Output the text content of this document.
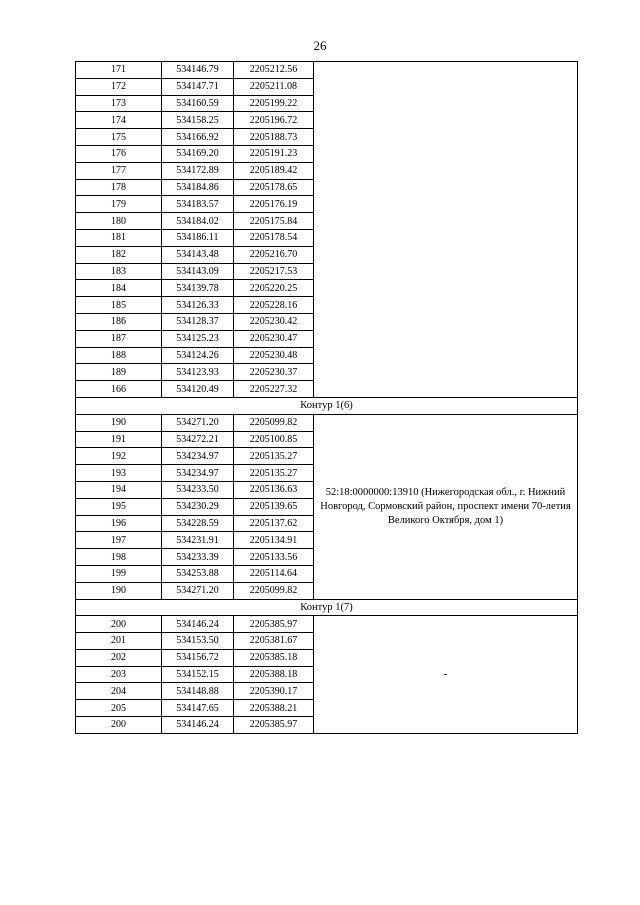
26
171	534146.79	2205212.56	
172	534147.71	2205211.08	
173	534160.59	2205199.22	
174	534158.25	2205196.72	
175	534166.92	2205188.73	
176	534169.20	2205191.23	
177	534172.89	2205189.42	
178	534184.86	2205178.65	
179	534183.57	2205176.19	
180	534184.02	2205175.84	
181	534186.11	2205178.54	
182	534143.48	2205216.70	
183	534143.09	2205217.53	
184	534139.78	2205220.25	
185	534126.33	2205228.16	
186	534128.37	2205230.42	
187	534125.23	2205230.47	
188	534124.26	2205230.48	
189	534123.93	2205230.37	
166	534120.49	2205227.32	
Контур 1(6)			
190	534271.20	2205099.82	52:18:0000000:13910 (Нижегородская обл., г. Нижний Новгород, Сормовский район, проспект имени 70-летия Великого Октября, дом 1)
191	534272.21	2205100.85	
192	534234.97	2205135.27	
193	534234.97	2205135.27	
194	534233.50	2205136.63	
195	534230.29	2205139.65	
196	534228.59	2205137.62	
197	534231.91	2205134.91	
198	534233.39	2205133.56	
199	534253.88	2205114.64	
190	534271.20	2205099.82	
Контур 1(7)			
200	534146.24	2205385.97	-
201	534153.50	2205381.67	
202	534156.72	2205385.18	
203	534152.15	2205388.18	
204	534148.88	2205390.17	
205	534147.65	2205388.21	
200	534146.24	2205385.97	
